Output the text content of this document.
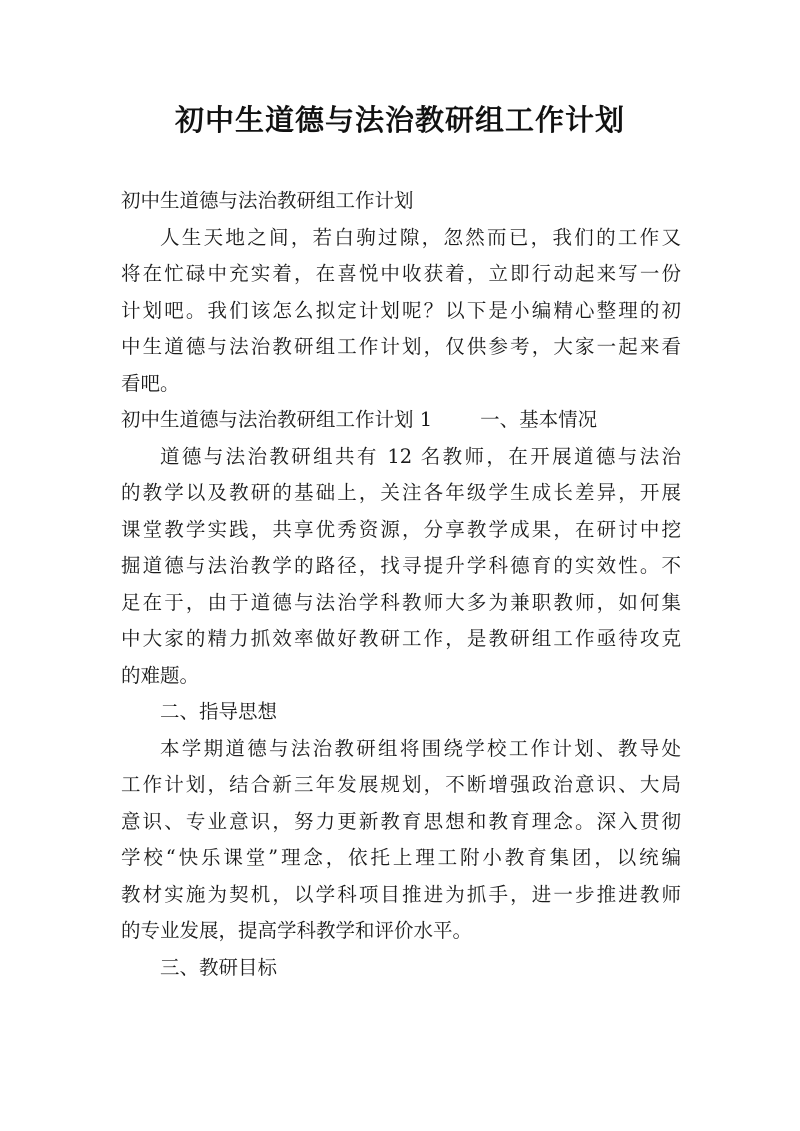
初中生道德与法治教研组工作计划
初中生道德与法治教研组工作计划
人生天地之间，若白驹过隙，忽然而已，我们的工作又
将在忙碌中充实着，在喜悦中收获着，立即行动起来写一份
计划吧。我们该怎么拟定计划呢？以下是小编精心整理的初
中生道德与法治教研组工作计划，仅供参考，大家一起来看
看吧。
初中生道德与法治教研组工作计划 1 一、基本情况
道德与法治教研组共有 12 名教师，在开展道德与法治
的教学以及教研的基础上，关注各年级学生成长差异，开展
课堂教学实践，共享优秀资源，分享教学成果，在研讨中挖
掘道德与法治教学的路径，找寻提升学科德育的实效性。不
足在于，由于道德与法治学科教师大多为兼职教师，如何集
中大家的精力抓效率做好教研工作，是教研组工作亟待攻克
的难题。
二、指导思想
本学期道德与法治教研组将围绕学校工作计划、教导处
工作计划，结合新三年发展规划，不断增强政治意识、大局
意识、专业意识，努力更新教育思想和教育理念。深入贯彻
学校“快乐课堂”理念，依托上理工附小教育集团，以统编
教材实施为契机，以学科项目推进为抓手，进一步推进教师
的专业发展，提高学科教学和评价水平。
三、教研目标
